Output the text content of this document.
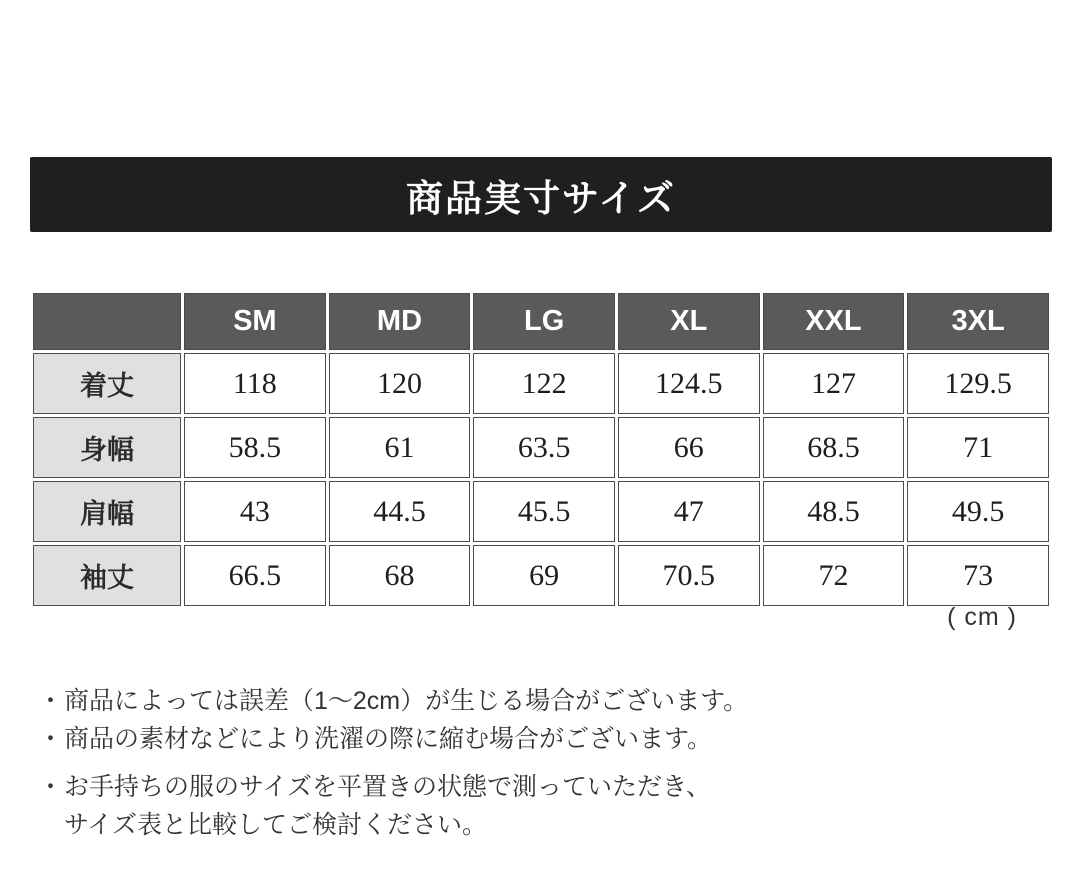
商品実寸サイズ
	SM	MD	LG	XL	XXL	3XL
着丈	118	120	122	124.5	127	129.5
身幅	58.5	61	63.5	66	68.5	71
肩幅	43	44.5	45.5	47	48.5	49.5
袖丈	66.5	68	69	70.5	72	73
( cm )
・ 商品によっては誤差（1～2cm）が生じる場合がございます。
・ 商品の素材などにより洗濯の際に縮む場合がございます。
・ お手持ちの服のサイズを平置きの状態で測っていただき、
サイズ表と比較してご検討ください。
